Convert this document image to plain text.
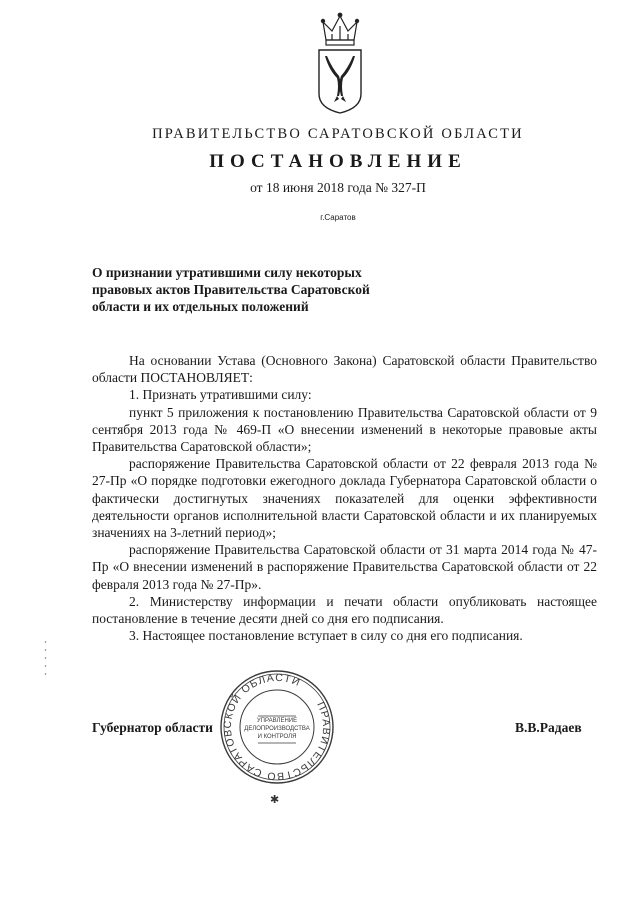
ПРАВИТЕЛЬСТВО САРАТОВСКОЙ ОБЛАСТИ
ПОСТАНОВЛЕНИЕ
от 18 июня 2018 года № 327-П
г.Саратов
О признании утратившими силу некоторых
правовых актов Правительства Саратовской
области и их отдельных положений

На основании Устава (Основного Закона) Саратовской области Правительство области ПОСТАНОВЛЯЕТ:

1. Признать утратившими силу:

пункт 5 приложения к постановлению Правительства Саратовской области от 9 сентября 2013 года № 469-П «О внесении изменений в некоторые правовые акты Правительства Саратовской области»;

распоряжение Правительства Саратовской области от 22 февраля 2013 года № 27-Пр «О порядке подготовки ежегодного доклада Губернатора Саратовской области о фактически достигнутых значениях показателей для оценки эффективности деятельности органов исполнительной власти Саратовской области и их планируемых значениях на 3-летний период»;

распоряжение Правительства Саратовской области от 31 марта 2014 года № 47-Пр «О внесении изменений в распоряжение Правительства Саратовской области от 22 февраля 2013 года № 27-Пр».

2. Министерству информации и печати области опубликовать настоящее постановление в течение десяти дней со дня его подписания.

3. Настоящее постановление вступает в силу со дня его подписания.

Губернатор области	В.В.Радаев
ПРАВИТЕЛЬСТВО САРАТОВСКОЙ ОБЛАСТИ
УПРАВЛЕНИЕ
ДЕЛОПРОИЗВОДСТВА
И КОНТРОЛЯ
✱
